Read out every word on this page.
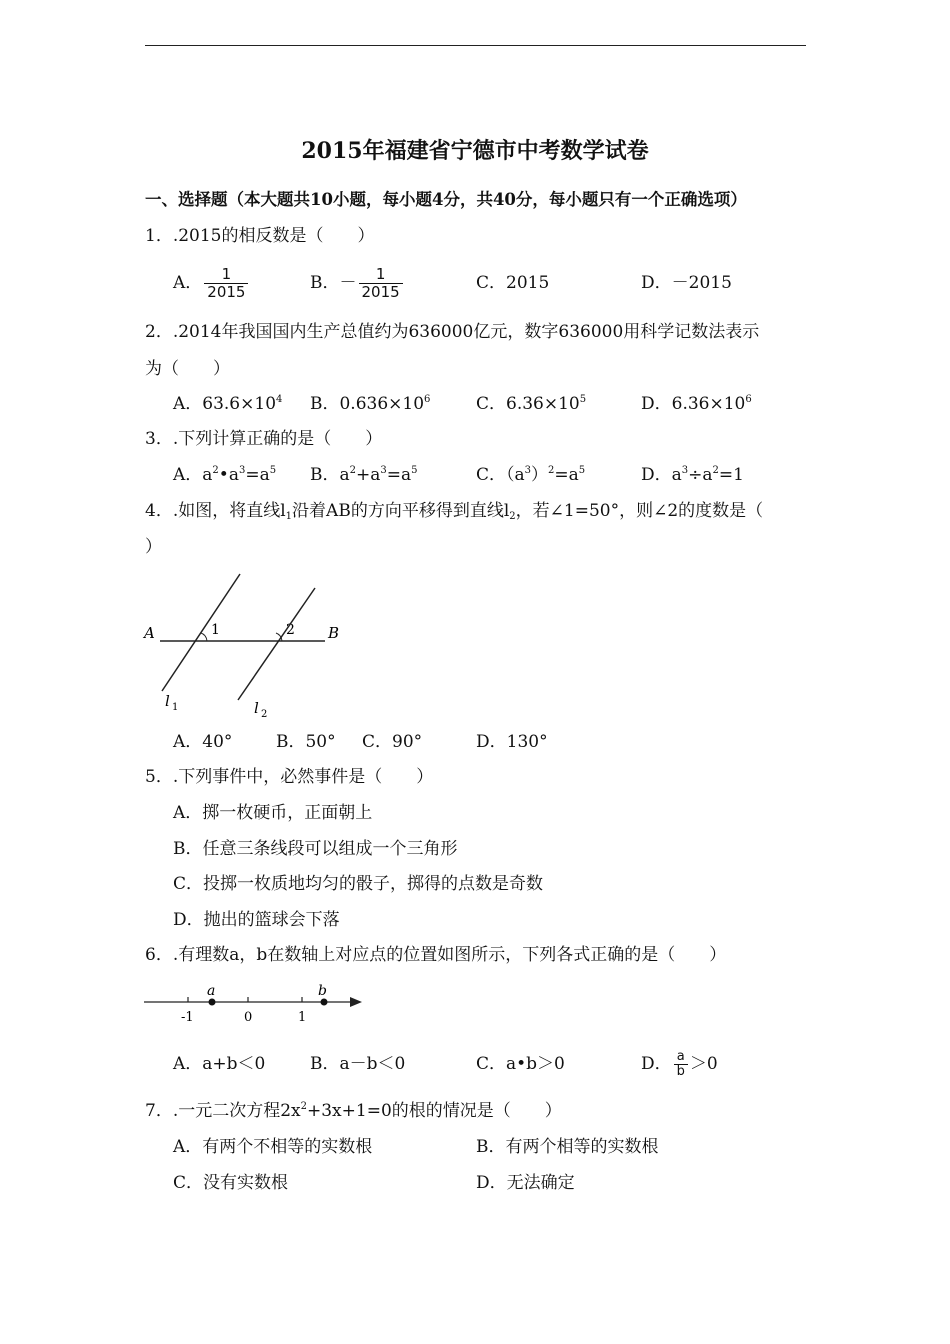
2015年福建省宁德市中考数学试卷
一、选择题（本大题共10小题，每小题4分，共40分，每小题只有一个正确选项）
1．.2015的相反数是（　　）
A． $\frac{1}{2015}$	B．－ $\frac{1}{2015}$	C．2015	D．－2015
2．.2014年我国国内生产总值约为636000亿元，数字636000用科学记数法表示
为（　　）
A．$63.6\times 10^4$ B．$0.636\times 10^6$	C．$6.36\times 10^5$	D．$6.36\times 10^6$
3．.下列计算正确的是（　　）
A．$a^2•a^3=a^5$ B．$a^2+a^3=a^5$	C．$(a^3)^2=a^5$	D．$a^3\div a^2=1$
4．.如图，将直线$l_1$沿着AB的方向平移得到直线$l_2$，若∠1=50°，则∠2的度数是（
）
A	B
1	2
l 1	l 2
A．40°	B．50° C．90°	D．130°
5．.下列事件中，必然事件是（　　）
A．掷一枚硬币，正面朝上
B．任意三条线段可以组成一个三角形
C．投掷一枚质地均匀的骰子，掷得的点数是奇数
D．抛出的篮球会下落
6．.有理数a，b在数轴上对应点的位置如图所示，下列各式正确的是（　　）
a	b
-1	0	1
A．a+b＜0	B．a－b＜0	C．a•b＞0	D． $\frac{a}{b} >0$
7．.一元二次方程$2x^2+3x+1=0$的根的情况是（　　）
A．有两个不相等的实数根	B．有两个相等的实数根
C．没有实数根	D．无法确定
